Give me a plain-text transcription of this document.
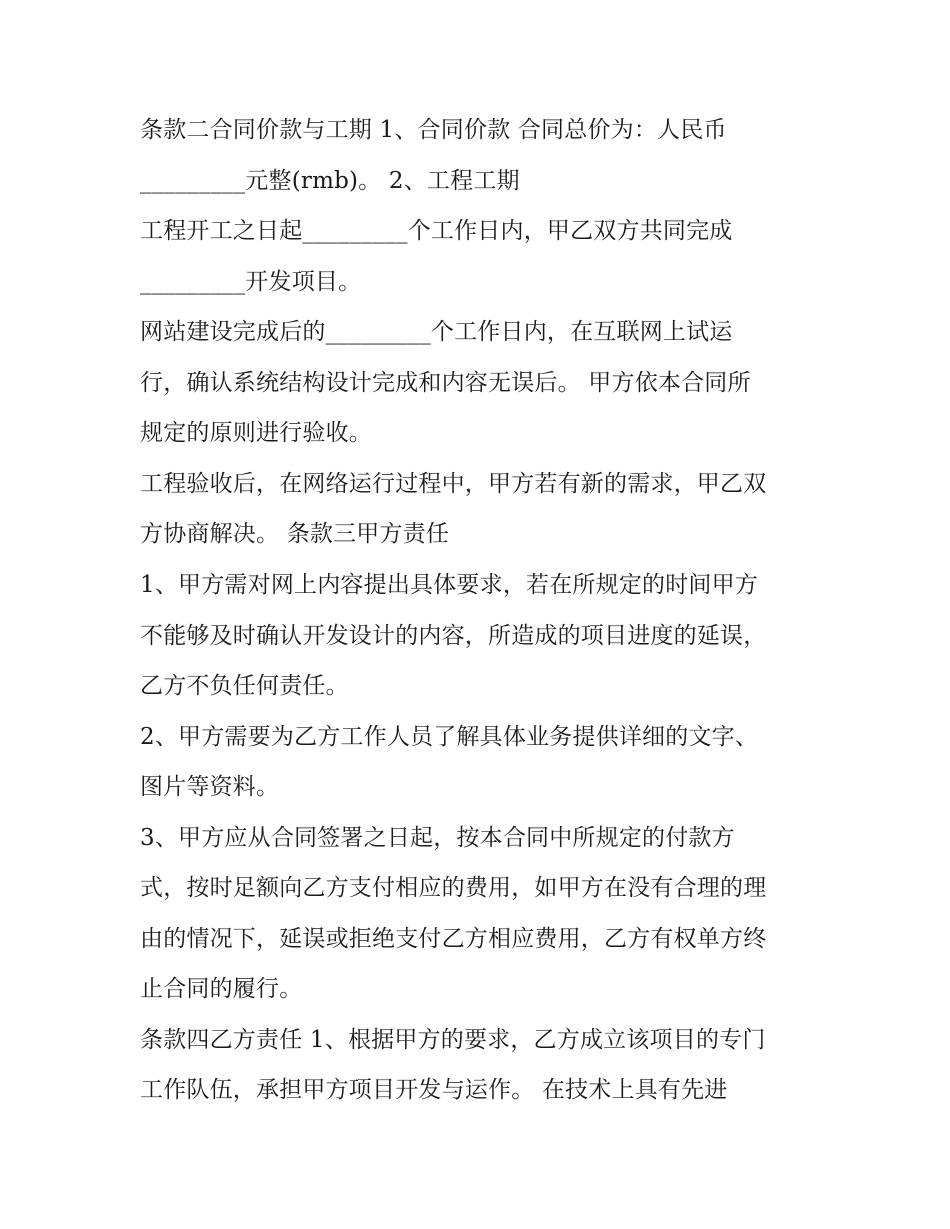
条款二合同价款与工期 1、合同价款 合同总价为：人民币
_________元整(rmb)。 2、工程工期
工程开工之日起_________个工作日内，甲乙双方共同完成
_________开发项目。
网站建设完成后的_________个工作日内，在互联网上试运
行，确认系统结构设计完成和内容无误后。 甲方依本合同所
规定的原则进行验收。
工程验收后，在网络运行过程中，甲方若有新的需求，甲乙双
方协商解决。 条款三甲方责任
1、甲方需对网上内容提出具体要求，若在所规定的时间甲方
不能够及时确认开发设计的内容，所造成的项目进度的延误，
乙方不负任何责任。
2、甲方需要为乙方工作人员了解具体业务提供详细的文字、
图片等资料。
3、甲方应从合同签署之日起，按本合同中所规定的付款方
式，按时足额向乙方支付相应的费用，如甲方在没有合理的理
由的情况下，延误或拒绝支付乙方相应费用，乙方有权单方终
止合同的履行。
条款四乙方责任 1、根据甲方的要求，乙方成立该项目的专门
工作队伍，承担甲方项目开发与运作。 在技术上具有先进
